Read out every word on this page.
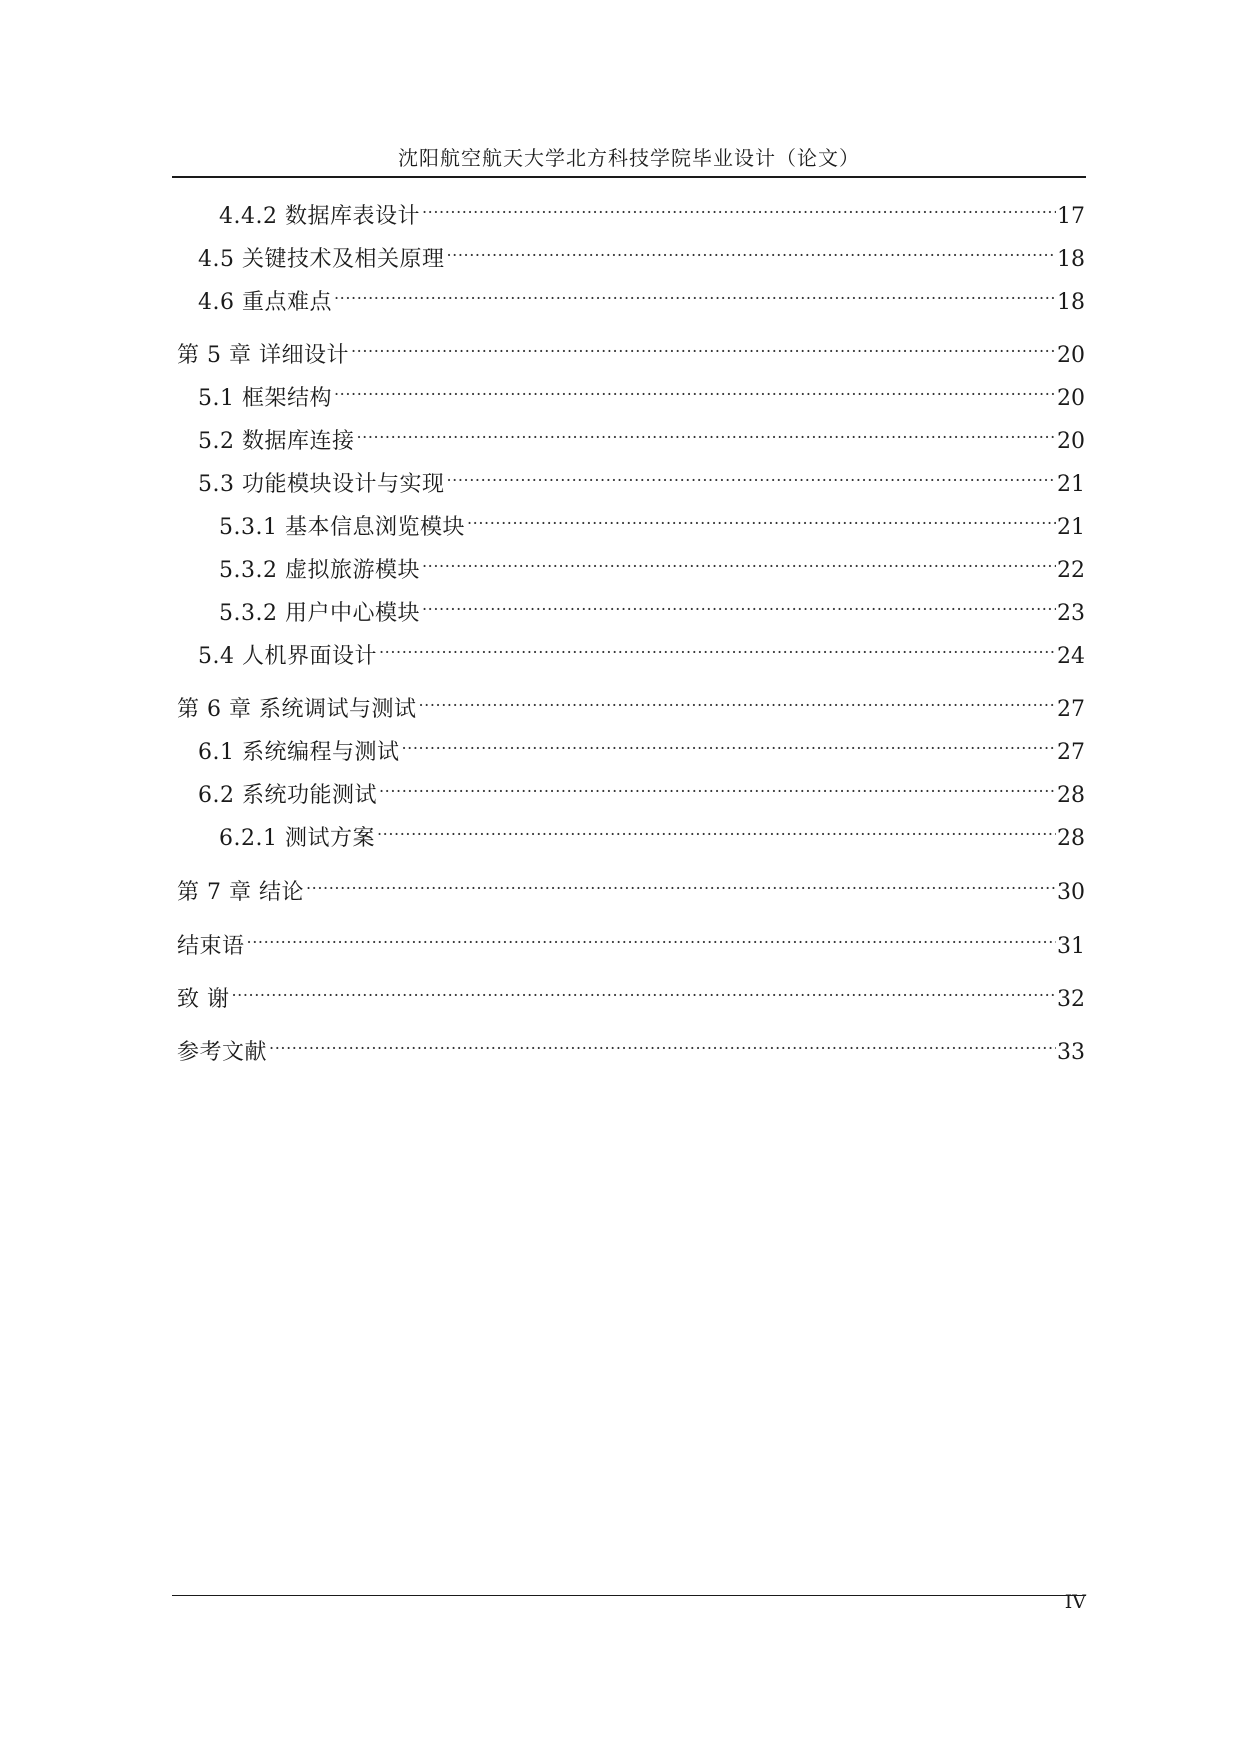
沈阳航空航天大学北方科技学院毕业设计（论文）
4.4.2 数据库表设计 .....	17
4.5 关键技术及相关原理 .....	18
4.6 重点难点 .....	18
第 5 章 详细设计 .....	20
5.1 框架结构 .....	20
5.2 数据库连接 .....	20
5.3 功能模块设计与实现 .....	21
5.3.1 基本信息浏览模块 .....	21
5.3.2 虚拟旅游模块 .....	22
5.3.2 用户中心模块 .....	23
5.4 人机界面设计 .....	24
第 6 章 系统调试与测试 .....	27
6.1 系统编程与测试 .....	27
6.2 系统功能测试 .....	28
6.2.1 测试方案 .....	28
第 7 章 结论 .....	30
结束语 .....	31
致 谢 .....	32
参考文献 .....	33
IV
